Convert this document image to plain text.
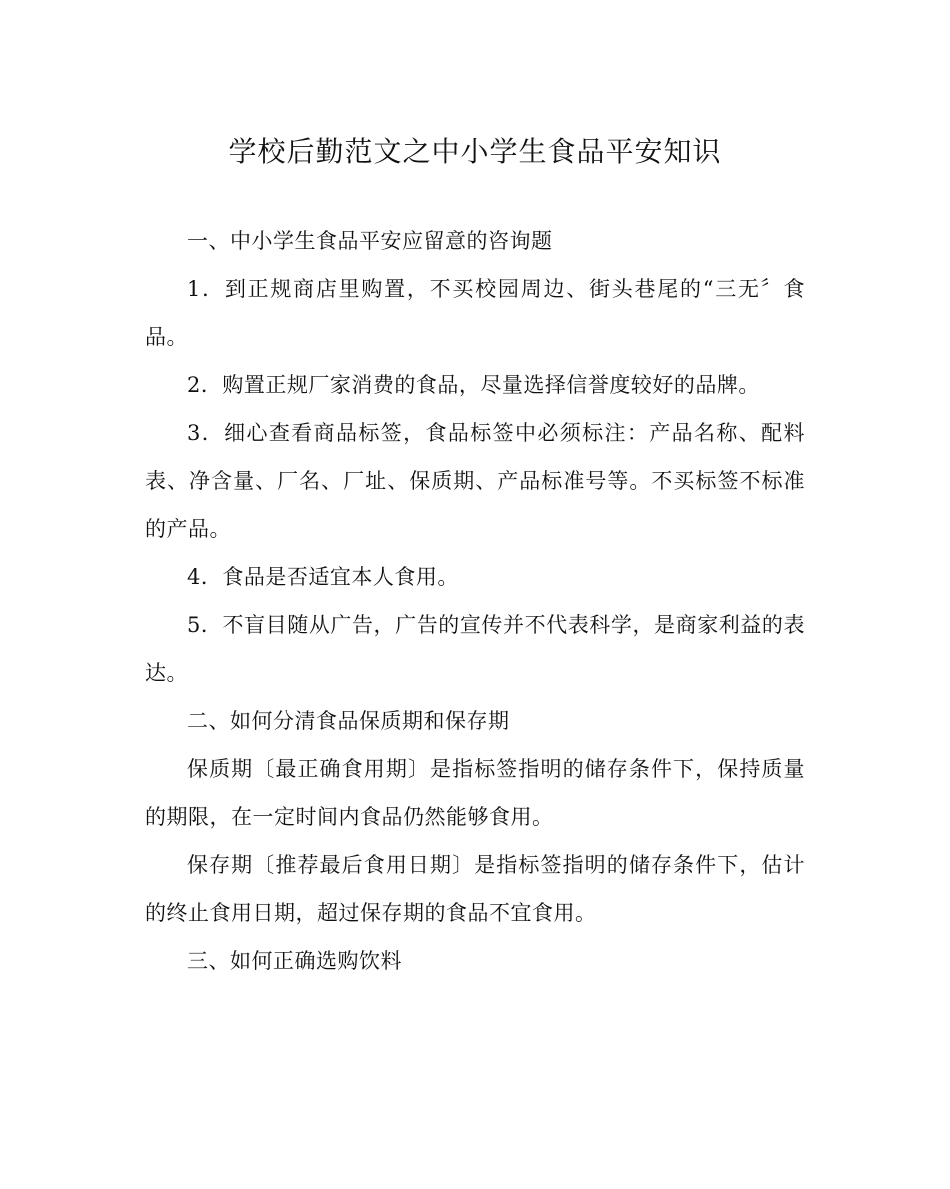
学校后勤范文之中小学生食品平安知识

一、中小学生食品平安应留意的咨询题

1．到正规商店里购置，不买校园周边、街头巷尾的“三无〞食品。

2．购置正规厂家消费的食品，尽量选择信誉度较好的品牌。

3．细心查看商品标签，食品标签中必须标注：产品名称、配料表、净含量、厂名、厂址、保质期、产品标准号等。不买标签不标准的产品。

4．食品是否适宜本人食用。

5．不盲目随从广告，广告的宣传并不代表科学，是商家利益的表达。

二、如何分清食品保质期和保存期

保质期〔最正确食用期〕是指标签指明的储存条件下，保持质量的期限，在一定时间内食品仍然能够食用。

保存期〔推荐最后食用日期〕是指标签指明的储存条件下，估计的终止食用日期，超过保存期的食品不宜食用。

三、如何正确选购饮料
